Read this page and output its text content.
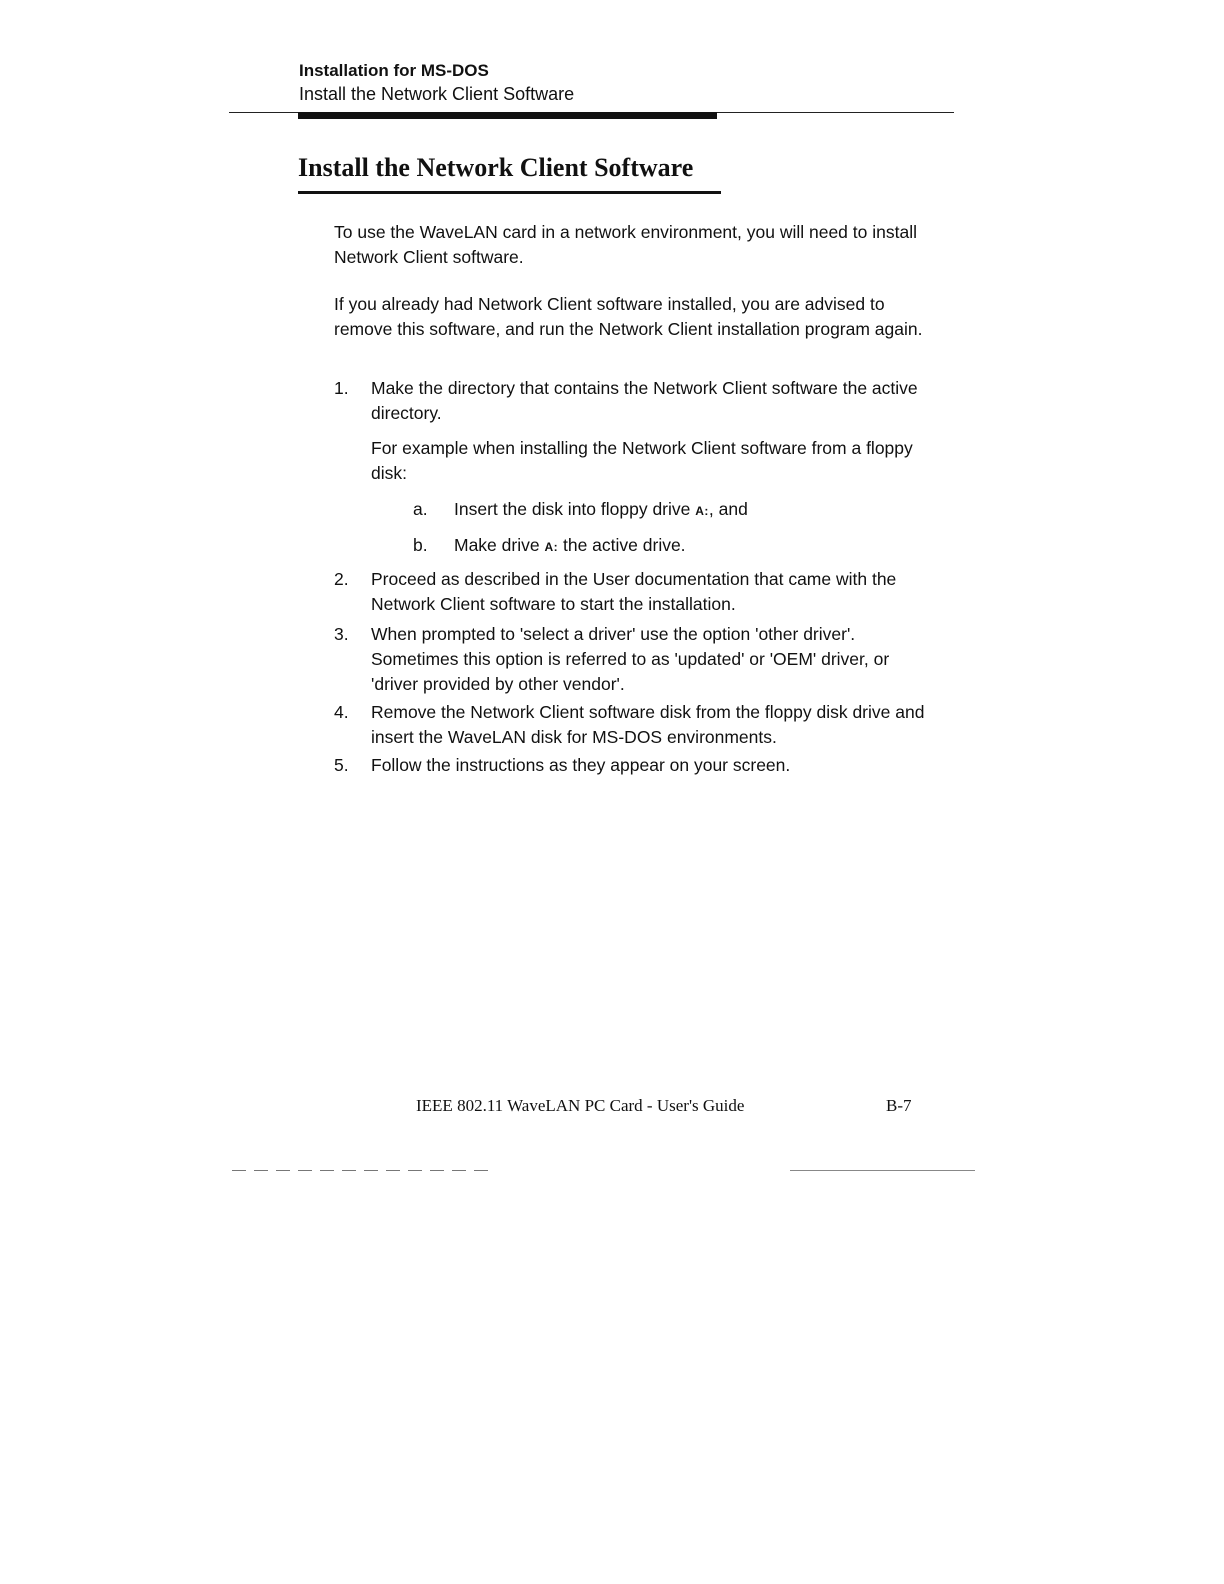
Installation for MS-DOS
Install the Network Client Software
Install the Network Client Software
To use the WaveLAN card in a network environment, you will need to install Network Client software.
If you already had Network Client software installed, you are advised to remove this software, and run the Network Client installation program again.
1. Make the directory that contains the Network Client software the active directory.
For example when installing the Network Client software from a floppy disk:
a. Insert the disk into floppy drive A:, and
b. Make drive A: the active drive.
2. Proceed as described in the User documentation that came with the Network Client software to start the installation.
3. When prompted to 'select a driver' use the option 'other driver'. Sometimes this option is referred to as 'updated' or 'OEM' driver, or 'driver provided by other vendor'.
4. Remove the Network Client software disk from the floppy disk drive and insert the WaveLAN disk for MS-DOS environments.
5. Follow the instructions as they appear on your screen.
IEEE 802.11 WaveLAN PC Card - User's Guide	B-7
